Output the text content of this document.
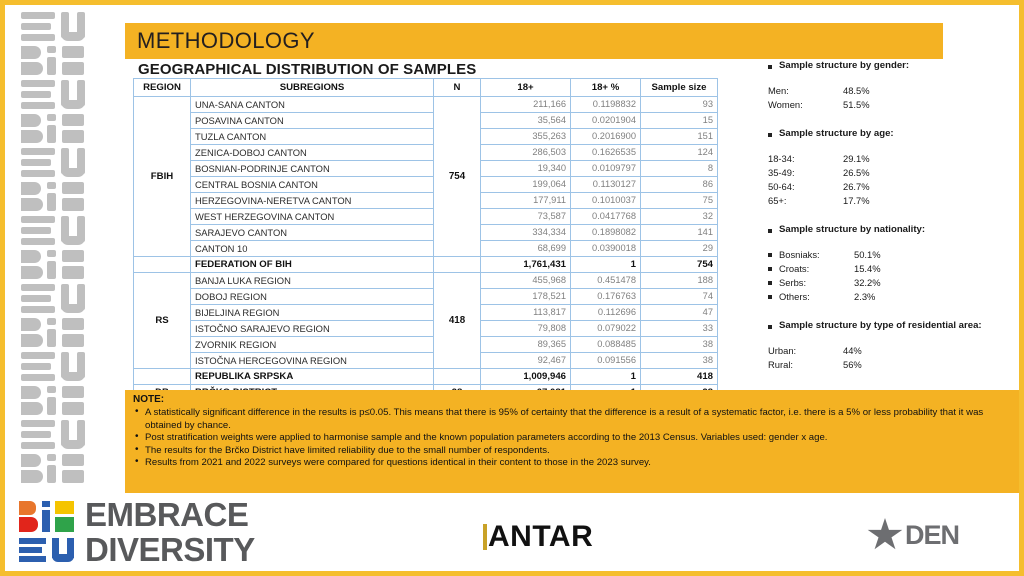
METHODOLOGY
GEOGRAPHICAL DISTRIBUTION OF SAMPLES
REGION	SUBREGIONS	N	18+	18+ %	Sample size
FBIH	UNA-SANA CANTON	754	211,166	0.1198832	93
	POSAVINA CANTON		35,564	0.0201904	15
	TUZLA CANTON		355,263	0.2016900	151
	ZENICA-DOBOJ CANTON		286,503	0.1626535	124
	BOSNIAN-PODRINJE CANTON		19,340	0.0109797	8
	CENTRAL BOSNIA CANTON		199,064	0.1130127	86
	HERZEGOVINA-NERETVA CANTON		177,911	0.1010037	75
	WEST HERZEGOVINA CANTON		73,587	0.0417768	32
	SARAJEVO CANTON		334,334	0.1898082	141
	CANTON 10		68,699	0.0390018	29
	FEDERATION OF BIH		1,761,431	1	754
RS	BANJA LUKA REGION	418	455,968	0.451478	188
	DOBOJ REGION		178,521	0.176763	74
	BIJELJINA REGION		113,817	0.112696	47
	ISTOČNO SARAJEVO REGION		79,808	0.079022	33
	ZVORNIK REGION		89,365	0.088485	38
	ISTOČNA HERCEGOVINA REGION		92,467	0.091556	38
	REPUBLIKA SRPSKA		1,009,946	1	418

Sample structure by gender:
Men:	48.5%
Women:	51.5%
Sample structure by age:
18-34:	29.1%
35-49:	26.5%
50-64:	26.7%
65+:	17.7%
Sample structure by nationality:
Bosniaks:	50.1%
Croats:	15.4%
Serbs:	32.2%
Others:	2.3%
Sample structure by type of residential area:
Urban:	44%
Rural:	56%
NOTE:
• A statistically significant difference in the results is p≤0.05. This means that there is 95% of certainty that the difference is a result of a systematic factor, i.e. there is a 5% or less probability that it was obtained by chance.
• Post stratification weights were applied to harmonise sample and the known population parameters according to the 2013 Census. Variables used: gender x age.
• The results for the Brčko District have limited reliability due to the small number of respondents.
• Results from 2021 and 2022 surveys were compared for questions identical in their content to those in the 2023 survey.
EMBRACE
DIVERSITY	ANTAR	DEN
